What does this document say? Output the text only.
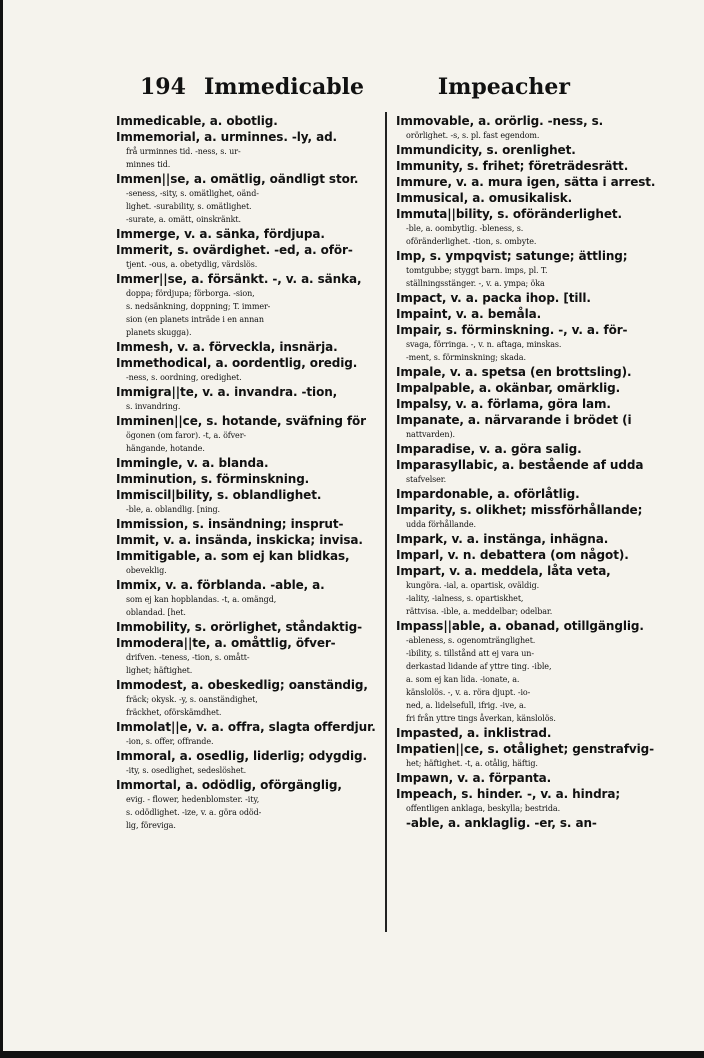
194 Immedicable	Impeacher
Immedicable, a. obotlig.
Immemorial, a. urminnes. -ly, ad.
frå urminnes tid. -ness, s. ur-
minnes tid.
Immen||se, a. omätlig, oändligt stor.
-seness, -sity, s. omätlighet, oänd-
lighet. -surability, s. omätlighet.
-surate, a. omätt, oinskränkt.
Immerge, v. a. sänka, fördjupa.
Immerit, s. ovärdighet. -ed, a. oför-
tjent. -ous, a. obetydlig, värdslös.
Immer||se, a. försänkt. -, v. a. sänka,
doppa; fördjupa; förborga. -sion,
s. nedsänkning, doppning; T. immer-
sion (en planets inträde i en annan
planets skugga).
Immesh, v. a. förveckla, insnärja.
Immethodical, a. oordentlig, oredig.
-ness, s. oordning, oredighet.
Immigra||te, v. a. invandra. -tion,
s. invandring.
Imminen||ce, s. hotande, sväfning för
ögonen (om faror). -t, a. öfver-
hängande, hotande.
Immingle, v. a. blanda.
Imminution, s. förminskning.
Immiscil|bility, s. oblandlighet.
-ble, a. oblandlig. [ning.
Immission, s. insändning; insprut-
Immit, v. a. insända, inskicka; invisa.
Immitigable, a. som ej kan blidkas,
obeveklig.
Immix, v. a. förblanda. -able, a.
som ej kan hopblandas. -t, a. omängd,
oblandad. [het.
Immobility, s. orörlighet, ståndaktig-
Immodera||te, a. omåttlig, öfver-
drifven. -teness, -tion, s. omått-
lighet; häftighet.
Immodest, a. obeskedlig; oanständig,
fräck; okysk. -y, s. oanständighet,
fräckhet, oförskämdhet.
Immolat||e, v. a. offra, slagta offerdjur.
-ion, s. offer, offrande.
Immoral, a. osedlig, liderlig; odygdig.
-ity, s. osedlighet, sedeslöshet.
Immortal, a. odödlig, oförgänglig,
evig. - flower, hedenblomster. -ity,
s. odödlighet. -ize, v. a. göra odöd-
lig, föreviga.
Immovable, a. orörlig. -ness, s.
orörlighet. -s, s. pl. fast egendom.
Immundicity, s. orenlighet.
Immunity, s. frihet; företrädesrätt.
Immure, v. a. mura igen, sätta i arrest.
Immusical, a. omusikalisk.
Immuta||bility, s. oföränderlighet.
-ble, a. oombytlig. -bleness, s.
oföränderlighet. -tion, s. ombyte.
Imp, s. ympqvist; satunge; ättling;
tomtgubbe; styggt barn. imps, pl. T.
ställningsstänger. -, v. a. ympa; öka
Impact, v. a. packa ihop. [till.
Impaint, v. a. bemåla.
Impair, s. förminskning. -, v. a. för-
svaga, förringa. -, v. n. aftaga, minskas.
-ment, s. förminskning; skada.
Impale, v. a. spetsa (en brottsling).
Impalpable, a. okänbar, omärklig.
Impalsy, v. a. förlama, göra lam.
Impanate, a. närvarande i brödet (i
nattvarden).
Imparadise, v. a. göra salig.
Imparasyllabic, a. bestående af udda
stafvelser.
Impardonable, a. oförlåtlig.
Imparity, s. olikhet; missförhållande;
udda förhållande.
Impark, v. a. instänga, inhägna.
Imparl, v. n. debattera (om något).
Impart, v. a. meddela, låta veta,
kungöra. -ial, a. opartisk, oväldig.
-iality, -ialness, s. opartiskhet,
rättvisa. -ible, a. meddelbar; odelbar.
Impass||able, a. obanad, otillgänglig.
-ableness, s. ogenomtränglighet.
-ibility, s. tillstånd att ej vara un-
derkastad lidande af yttre ting. -ible,
a. som ej kan lida. -ionate, a.
känslolös. -, v. a. röra djupt. -io-
ned, a. lidelsefull, ifrig. -ive, a.
fri från yttre tings åverkan, känslolös.
Impasted, a. inklistrad.
Impatien||ce, s. otålighet; genstrafvig-
het; häftighet. -t, a. otålig, häftig.
Impawn, v. a. förpanta.
Impeach, s. hinder. -, v. a. hindra;
offentligen anklaga, beskylla; bestrida.
-able, a. anklaglig. -er, s. an-
